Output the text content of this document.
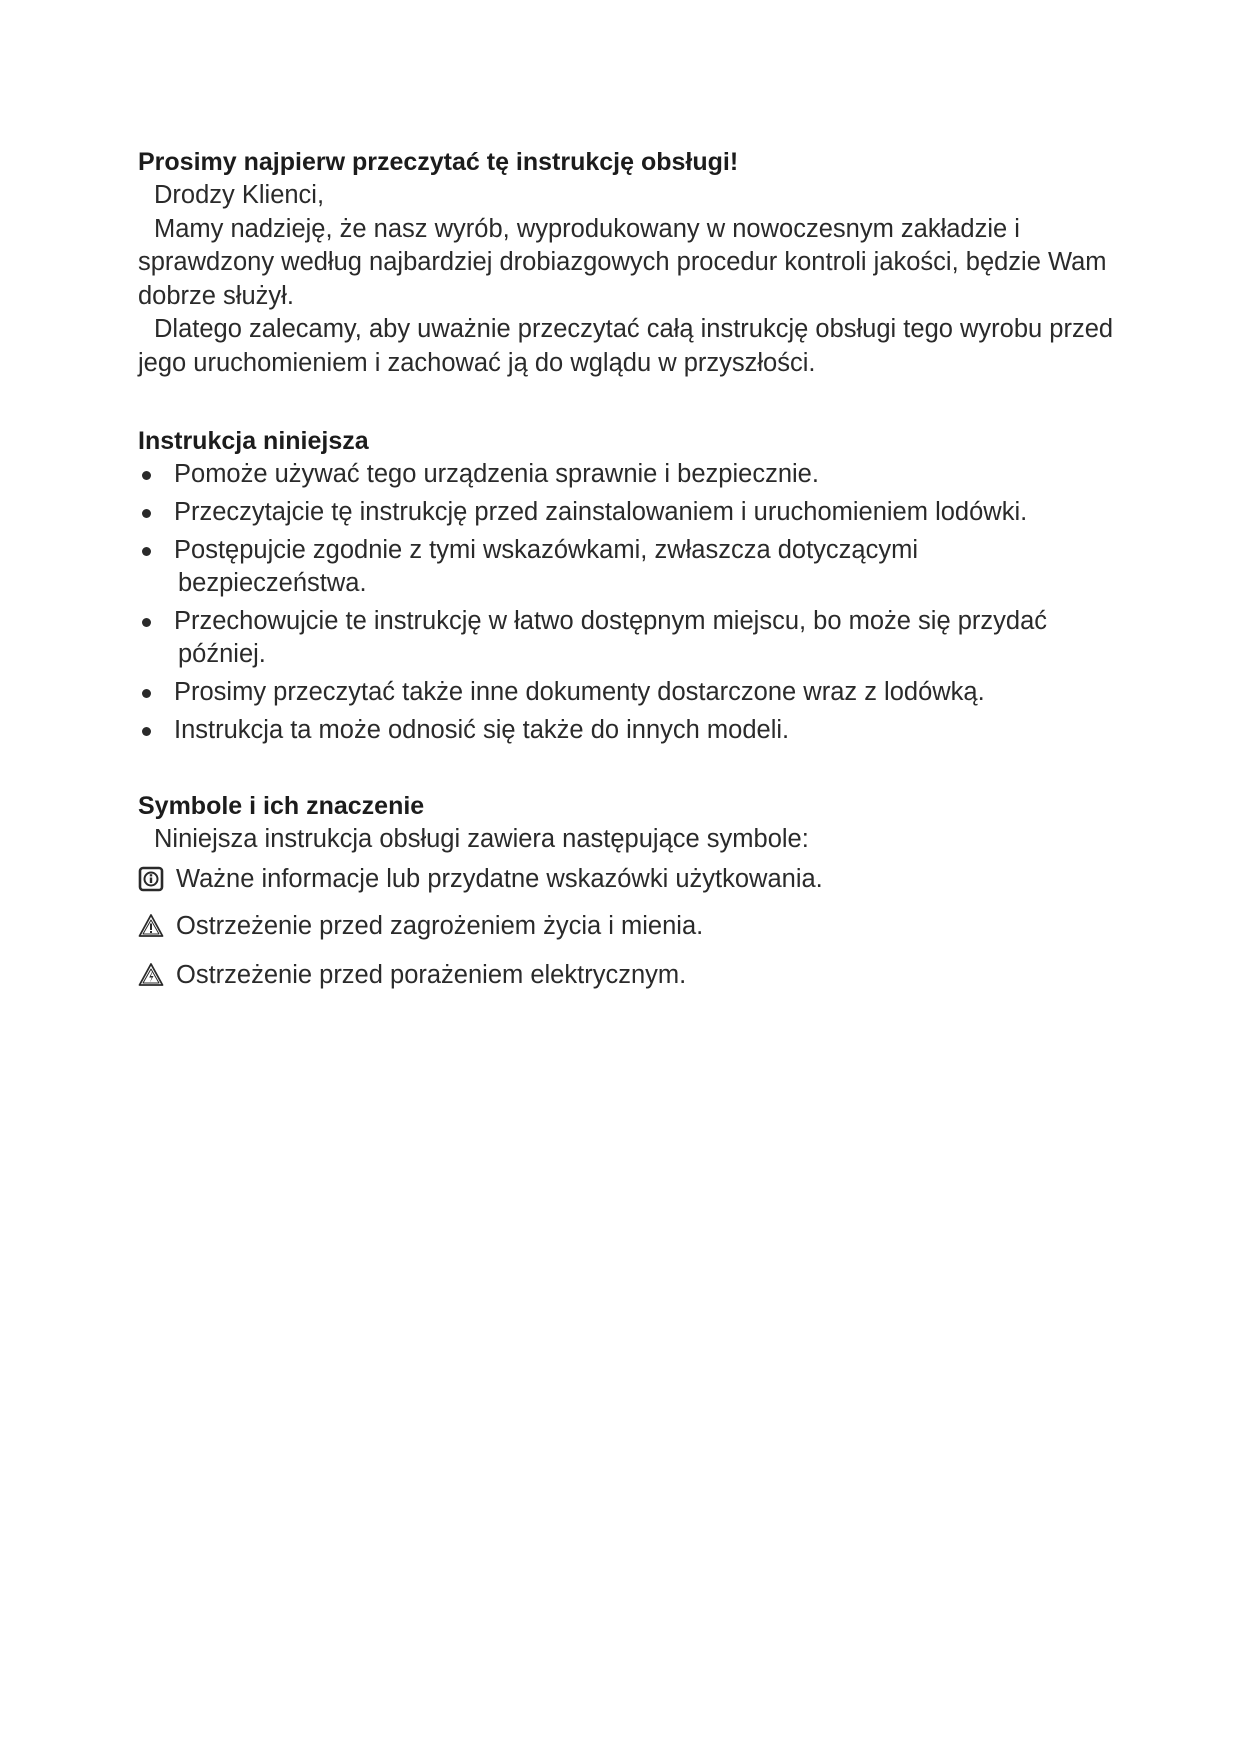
Prosimy najpierw przeczytać tę instrukcję obsługi!

Drodzy Klienci,

Mamy nadzieję, że nasz wyrób, wyprodukowany w nowoczesnym zakładzie i sprawdzony według najbardziej drobiazgowych procedur kontroli jakości, będzie Wam dobrze służył.

Dlatego zalecamy, aby uważnie przeczytać całą instrukcję obsługi tego wyrobu przed jego uruchomieniem i zachować ją do wglądu w przyszłości.

Instrukcja niniejsza

Pomoże używać tego urządzenia sprawnie i bezpiecznie.
Przeczytajcie tę instrukcję przed zainstalowaniem i uruchomieniem lodówki.
Postępujcie zgodnie z tymi wskazówkami, zwłaszcza dotyczącymi
bezpieczeństwa.
Przechowujcie te instrukcję w łatwo dostępnym miejscu, bo może się przydać
później.
Prosimy przeczytać także inne dokumenty dostarczone wraz z lodówką.
Instrukcja ta może odnosić się także do innych modeli.

Symbole i ich znaczenie

Niniejsza instrukcja obsługi zawiera następujące symbole:

Ważne informacje lub przydatne wskazówki użytkowania.
Ostrzeżenie przed zagrożeniem życia i mienia.
Ostrzeżenie przed porażeniem elektrycznym.
